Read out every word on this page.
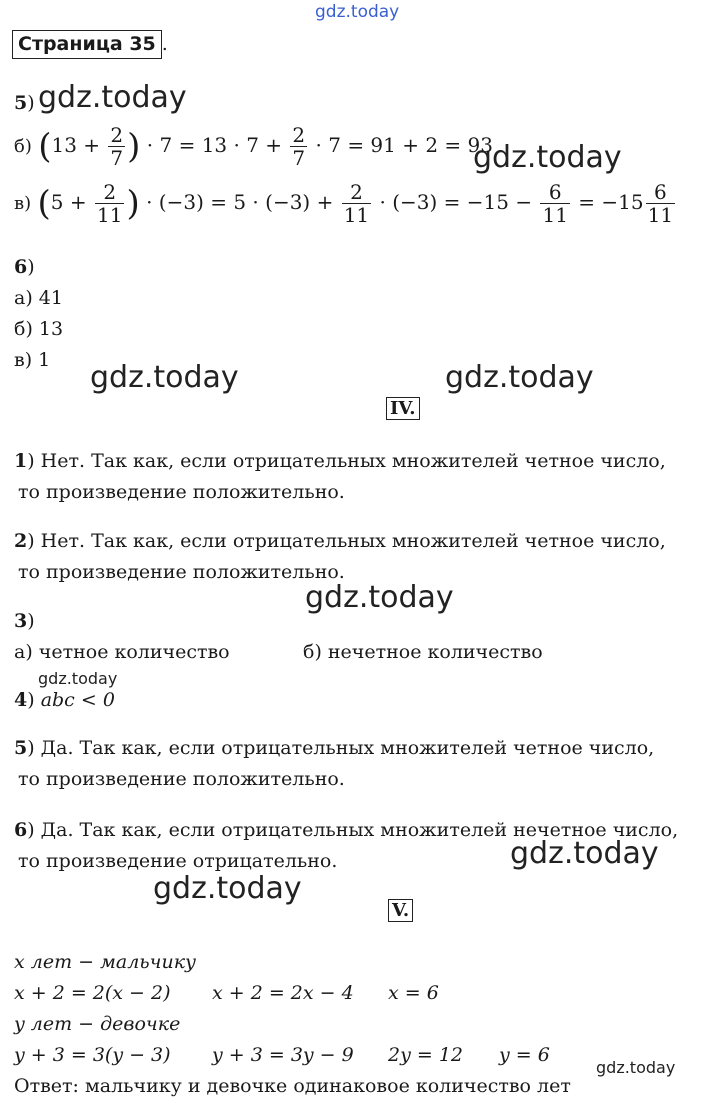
gdz.today
gdz.today
gdz.today
gdz.today	gdz.today
gdz.today
gdz.today
gdz.today
gdz.today
gdz.today
Страница 35 .
5)
б) ($13 + \frac{2}{7}$ ) · $7 = 13 \cdot 7 + \frac{2}{7} \cdot 7 = 91 + 2 = 93$
в) ($5 + \frac{2}{11}$ ) · $(-3) = 5 \cdot (-3) + \frac{2}{11} \cdot (-3) = -15 - \frac{6}{11} = -15 \frac{6}{11}$
6)
а) 41
б) 13
в) 1
IV.
1) Нет. Так как, если отрицательных множителей четное число,
то произведение положительно.
2) Нет. Так как, если отрицательных множителей четное число,
то произведение положительно.
3)
а) четное количество	б) нечетное количество
4) abc < 0
5) Да. Так как, если отрицательных множителей четное число,
то произведение положительно.
6) Да. Так как, если отрицательных множителей нечетное число,
то произведение отрицательно.
V.
x лет − мальчику
x + 2 = 2(x − 2) x + 2 = 2x − 4 x = 6
y лет − девочке
y + 3 = 3(y − 3) y + 3 = 3y − 9 2y = 12 y = 6
Ответ: мальчику и девочке одинаковое количество лет
